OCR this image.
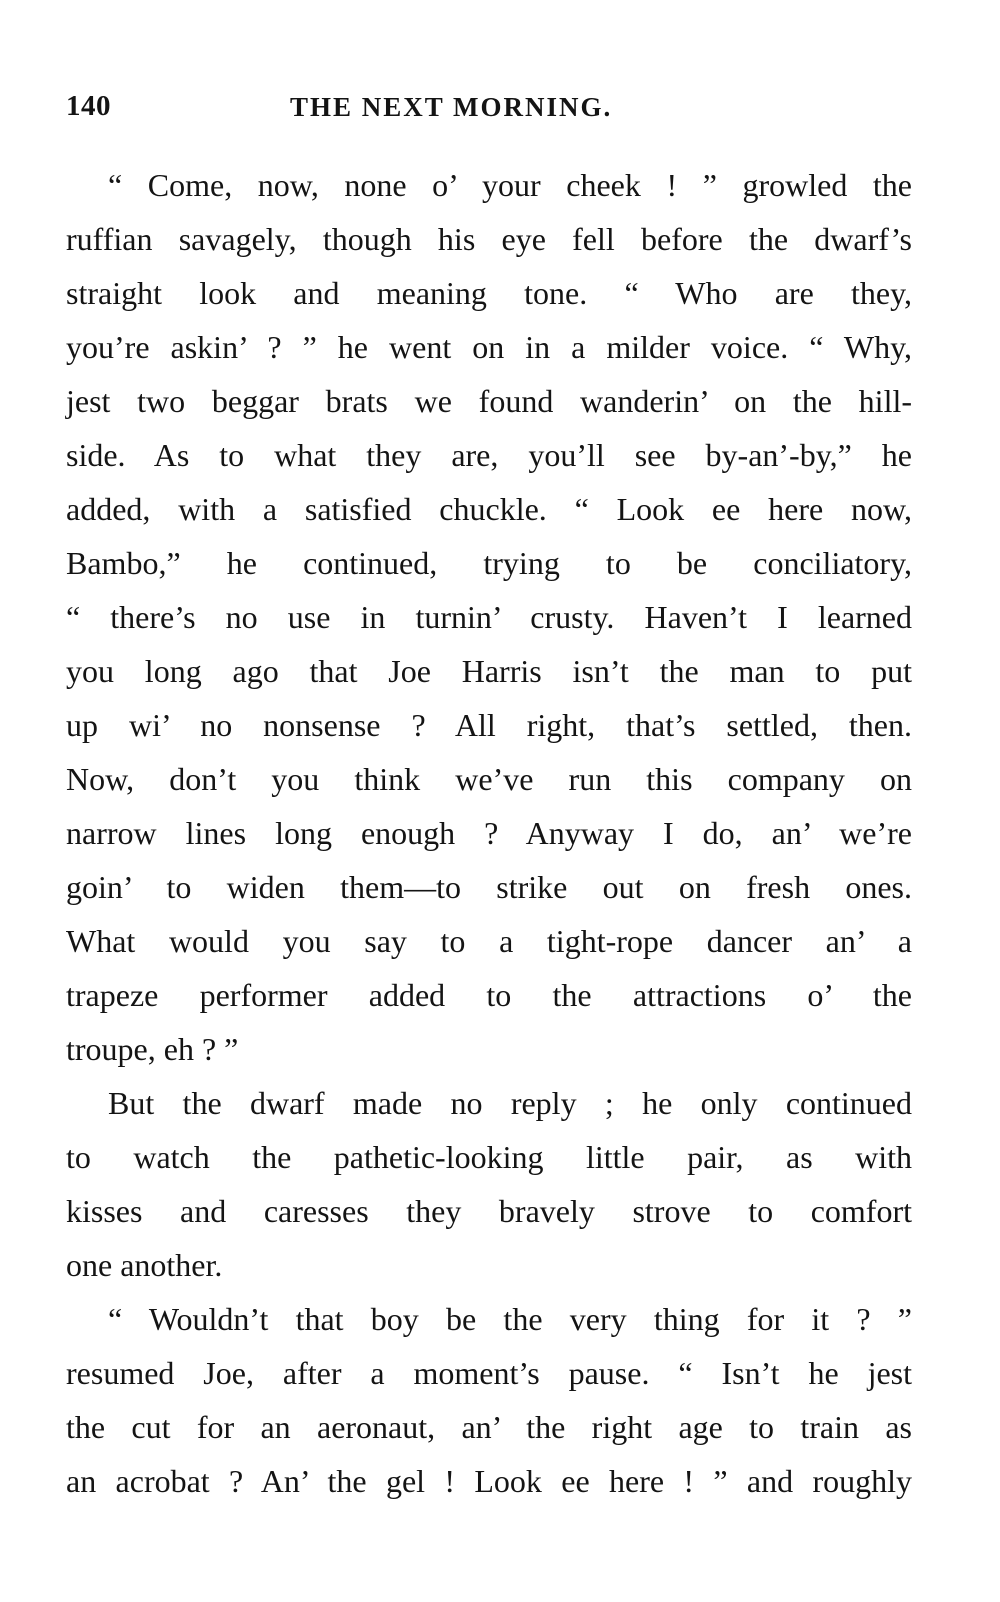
140	THE NEXT MORNING.
“ Come, now, none o’ your cheek ! ” growled the
ruffian savagely, though his eye fell before the dwarf’s
straight look and meaning tone. “ Who are they,
you’re askin’ ? ” he went on in a milder voice. “ Why,
jest two beggar brats we found wanderin’ on the hill-
side. As to what they are, you’ll see by-an’-by,” he
added, with a satisfied chuckle. “ Look ee here now,
Bambo,” he continued, trying to be conciliatory,
“ there’s no use in turnin’ crusty. Haven’t I learned
you long ago that Joe Harris isn’t the man to put
up wi’ no nonsense ? All right, that’s settled, then.
Now, don’t you think we’ve run this company on
narrow lines long enough ? Anyway I do, an’ we’re
goin’ to widen them—to strike out on fresh ones.
What would you say to a tight-rope dancer an’ a
trapeze performer added to the attractions o’ the
troupe, eh ? ”
But the dwarf made no reply ; he only continued
to watch the pathetic-looking little pair, as with
kisses and caresses they bravely strove to comfort
one another.
“ Wouldn’t that boy be the very thing for it ? ”
resumed Joe, after a moment’s pause. “ Isn’t he jest
the cut for an aeronaut, an’ the right age to train as
an acrobat ? An’ the gel ! Look ee here ! ” and roughly
